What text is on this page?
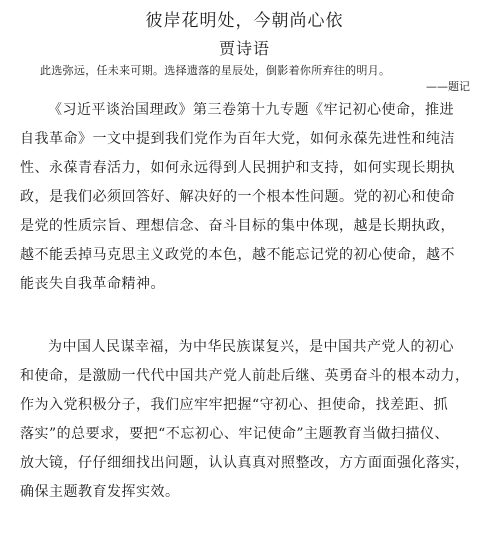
彼岸花明处，今朝尚心依
贾诗语
此选弥远，任未来可期。选择遗落的星辰处，倒影着你所弃往的明月。
——题记
《习近平谈治国理政》第三卷第十九专题《牢记初心使命，推进
自我革命》一文中提到我们党作为百年大党，如何永葆先进性和纯洁
性、永葆青春活力，如何永远得到人民拥护和支持，如何实现长期执
政，是我们必须回答好、解决好的一个根本性问题。党的初心和使命
是党的性质宗旨、理想信念、奋斗目标的集中体现，越是长期执政，
越不能丢掉马克思主义政党的本色，越不能忘记党的初心使命，越不
能丧失自我革命精神。
为中国人民谋幸福，为中华民族谋复兴，是中国共产党人的初心
和使命，是激励一代代中国共产党人前赴后继、英勇奋斗的根本动力，
作为入党积极分子，我们应牢牢把握“守初心、担使命，找差距、抓
落实”的总要求，要把“不忘初心、牢记使命”主题教育当做扫描仪、
放大镜，仔仔细细找出问题，认认真真对照整改，方方面面强化落实，
确保主题教育发挥实效。
